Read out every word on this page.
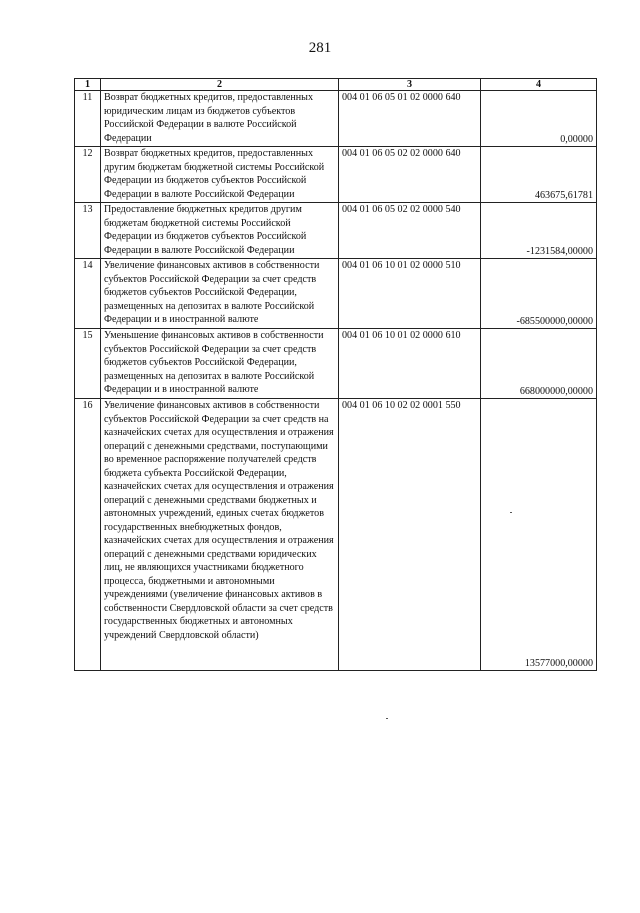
281
1	2	3	4
11	Возврат бюджетных кредитов, предоставленных юридическим лицам из бюджетов субъектов Российской Федерации в валюте Российской Федерации	004 01 06 05 01 02 0000 640	0,00000
12	Возврат бюджетных кредитов, предоставленных другим бюджетам бюджетной системы Российской Федерации из бюджетов субъектов Российской Федерации в валюте Российской Федерации	004 01 06 05 02 02 0000 640	463675,61781
13	Предоставление бюджетных кредитов другим бюджетам бюджетной системы Российской Федерации из бюджетов субъектов Российской Федерации в валюте Российской Федерации	004 01 06 05 02 02 0000 540	-1231584,00000
14	Увеличение финансовых активов в собственности субъектов Российской Федерации за счет средств бюджетов субъектов Российской Федерации, размещенных на депозитах в валюте Российской Федерации и в иностранной валюте	004 01 06 10 01 02 0000 510	-685500000,00000
15	Уменьшение финансовых активов в собственности субъектов Российской Федерации за счет средств бюджетов субъектов Российской Федерации, размещенных на депозитах в валюте Российской Федерации и в иностранной валюте	004 01 06 10 01 02 0000 610	668000000,00000
16	Увеличение финансовых активов в собственности субъектов Российской Федерации за счет средств на казначейских счетах для осуществления и отражения операций с денежными средствами, поступающими во временное распоряжение получателей средств бюджета субъекта Российской Федерации, казначейских счетах для осуществления и отражения операций с денежными средствами бюджетных и автономных учреждений, единых счетах бюджетов государственных внебюджетных фондов, казначейских счетах для осуществления и отражения операций с денежными средствами юридических лиц, не являющихся участниками бюджетного процесса, бюджетными и автономными учреждениями (увеличение финансовых активов в собственности Свердловской области за счет средств государственных бюджетных и автономных учреждений Свердловской области)	004 01 06 10 02 02 0001 550	13577000,00000
